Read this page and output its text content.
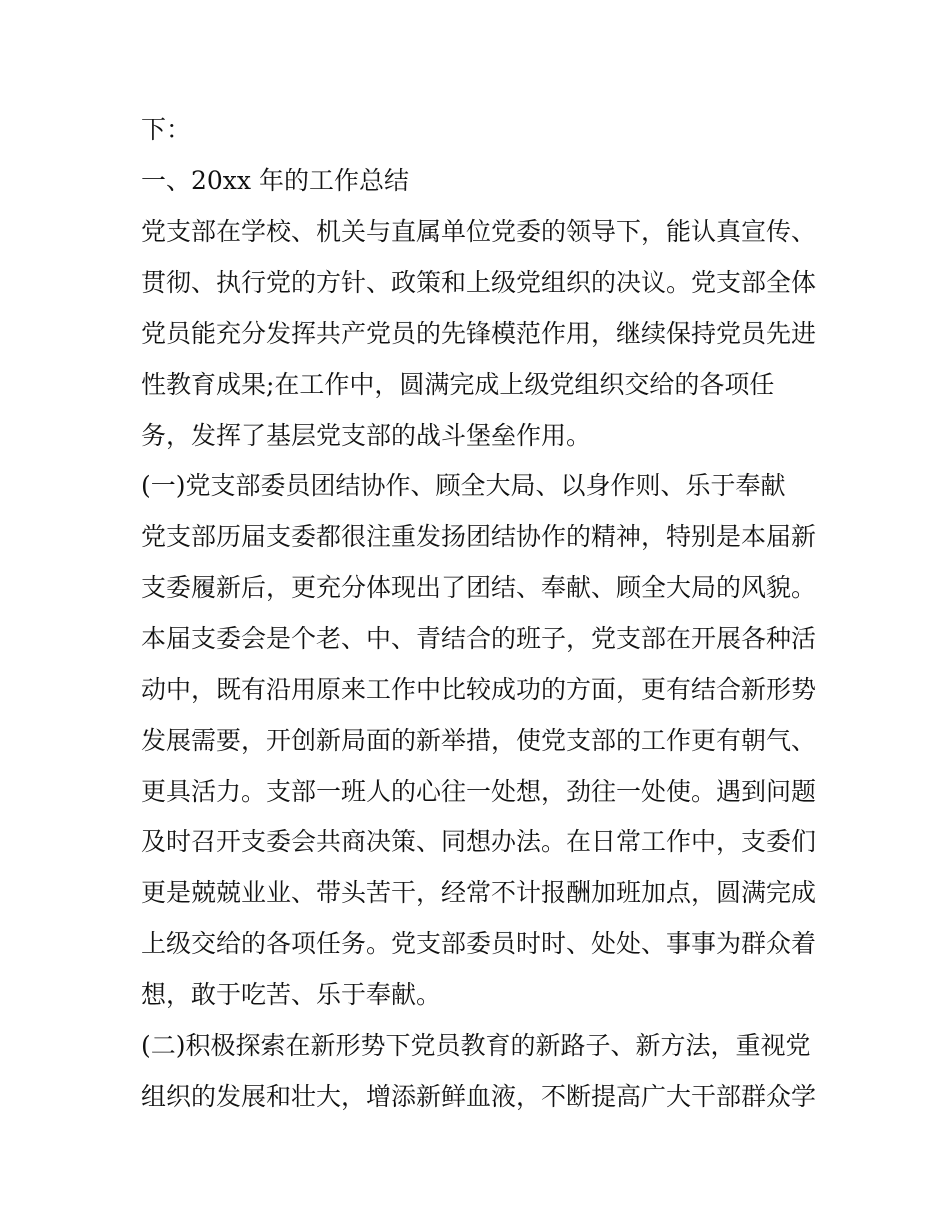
下：
一、20xx 年的工作总结
党支部在学校、机关与直属单位党委的领导下，能认真宣传、
贯彻、执行党的方针、政策和上级党组织的决议。党支部全体
党员能充分发挥共产党员的先锋模范作用，继续保持党员先进
性教育成果;在工作中，圆满完成上级党组织交给的各项任
务，发挥了基层党支部的战斗堡垒作用。
(一)党支部委员团结协作、顾全大局、以身作则、乐于奉献
党支部历届支委都很注重发扬团结协作的精神，特别是本届新
支委履新后，更充分体现出了团结、奉献、顾全大局的风貌。
本届支委会是个老、中、青结合的班子，党支部在开展各种活
动中，既有沿用原来工作中比较成功的方面，更有结合新形势
发展需要，开创新局面的新举措，使党支部的工作更有朝气、
更具活力。支部一班人的心往一处想，劲往一处使。遇到问题
及时召开支委会共商决策、同想办法。在日常工作中，支委们
更是兢兢业业、带头苦干，经常不计报酬加班加点，圆满完成
上级交给的各项任务。党支部委员时时、处处、事事为群众着
想，敢于吃苦、乐于奉献。
(二)积极探索在新形势下党员教育的新路子、新方法，重视党
组织的发展和壮大，增添新鲜血液，不断提高广大干部群众学
